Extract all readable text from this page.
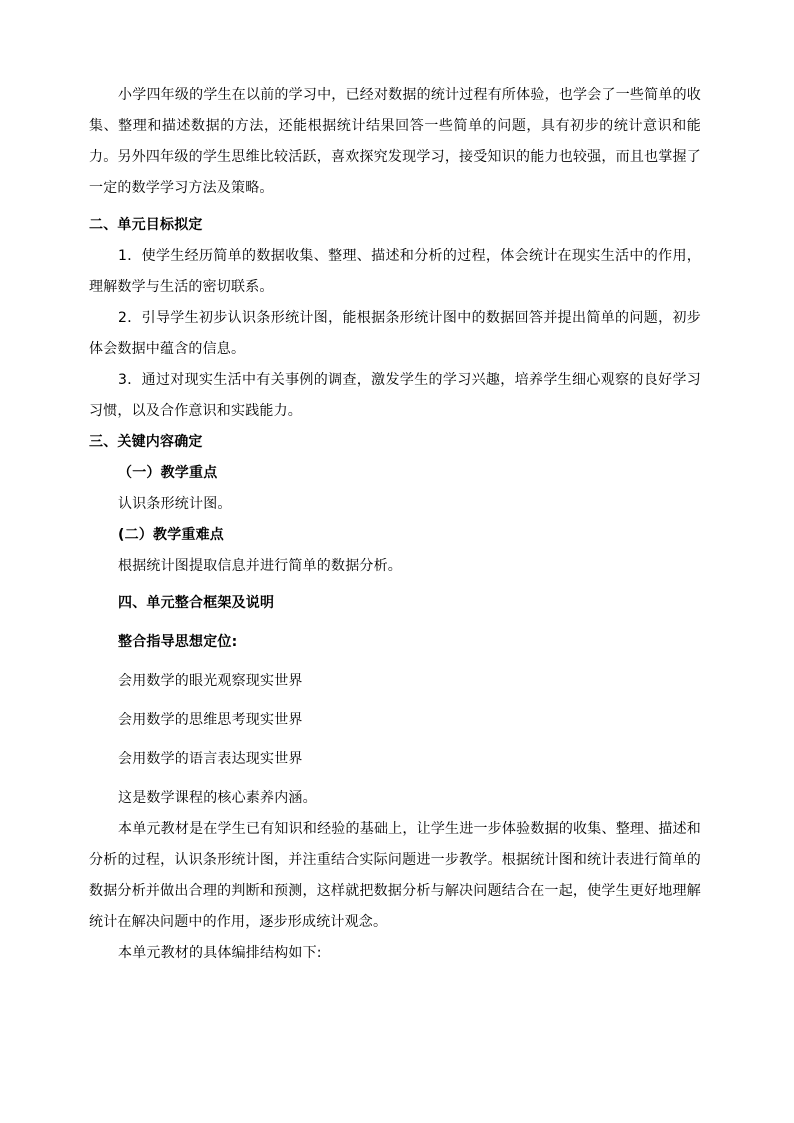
小学四年级的学生在以前的学习中，已经对数据的统计过程有所体验，也学会了一些简单的收集、整理和描述数据的方法，还能根据统计结果回答一些简单的问题，具有初步的统计意识和能力。另外四年级的学生思维比较活跃，喜欢探究发现学习，接受知识的能力也较强，而且也掌握了一定的数学学习方法及策略。

二、单元目标拟定

1．使学生经历简单的数据收集、整理、描述和分析的过程，体会统计在现实生活中的作用，理解数学与生活的密切联系。

2．引导学生初步认识条形统计图，能根据条形统计图中的数据回答并提出简单的问题，初步体会数据中蕴含的信息。

3．通过对现实生活中有关事例的调查，激发学生的学习兴趣，培养学生细心观察的良好学习习惯，以及合作意识和实践能力。

三、关键内容确定

（一）教学重点

认识条形统计图。

(二）教学重难点

根据统计图提取信息并进行简单的数据分析。

四、单元整合框架及说明

整合指导思想定位:

会用数学的眼光观察现实世界

会用数学的思维思考现实世界

会用数学的语言表达现实世界

这是数学课程的核心素养内涵。

本单元教材是在学生已有知识和经验的基础上，让学生进一步体验数据的收集、整理、描述和分析的过程，认识条形统计图，并注重结合实际问题进一步教学。根据统计图和统计表进行简单的数据分析并做出合理的判断和预测，这样就把数据分析与解决问题结合在一起，使学生更好地理解统计在解决问题中的作用，逐步形成统计观念。

本单元教材的具体编排结构如下:
